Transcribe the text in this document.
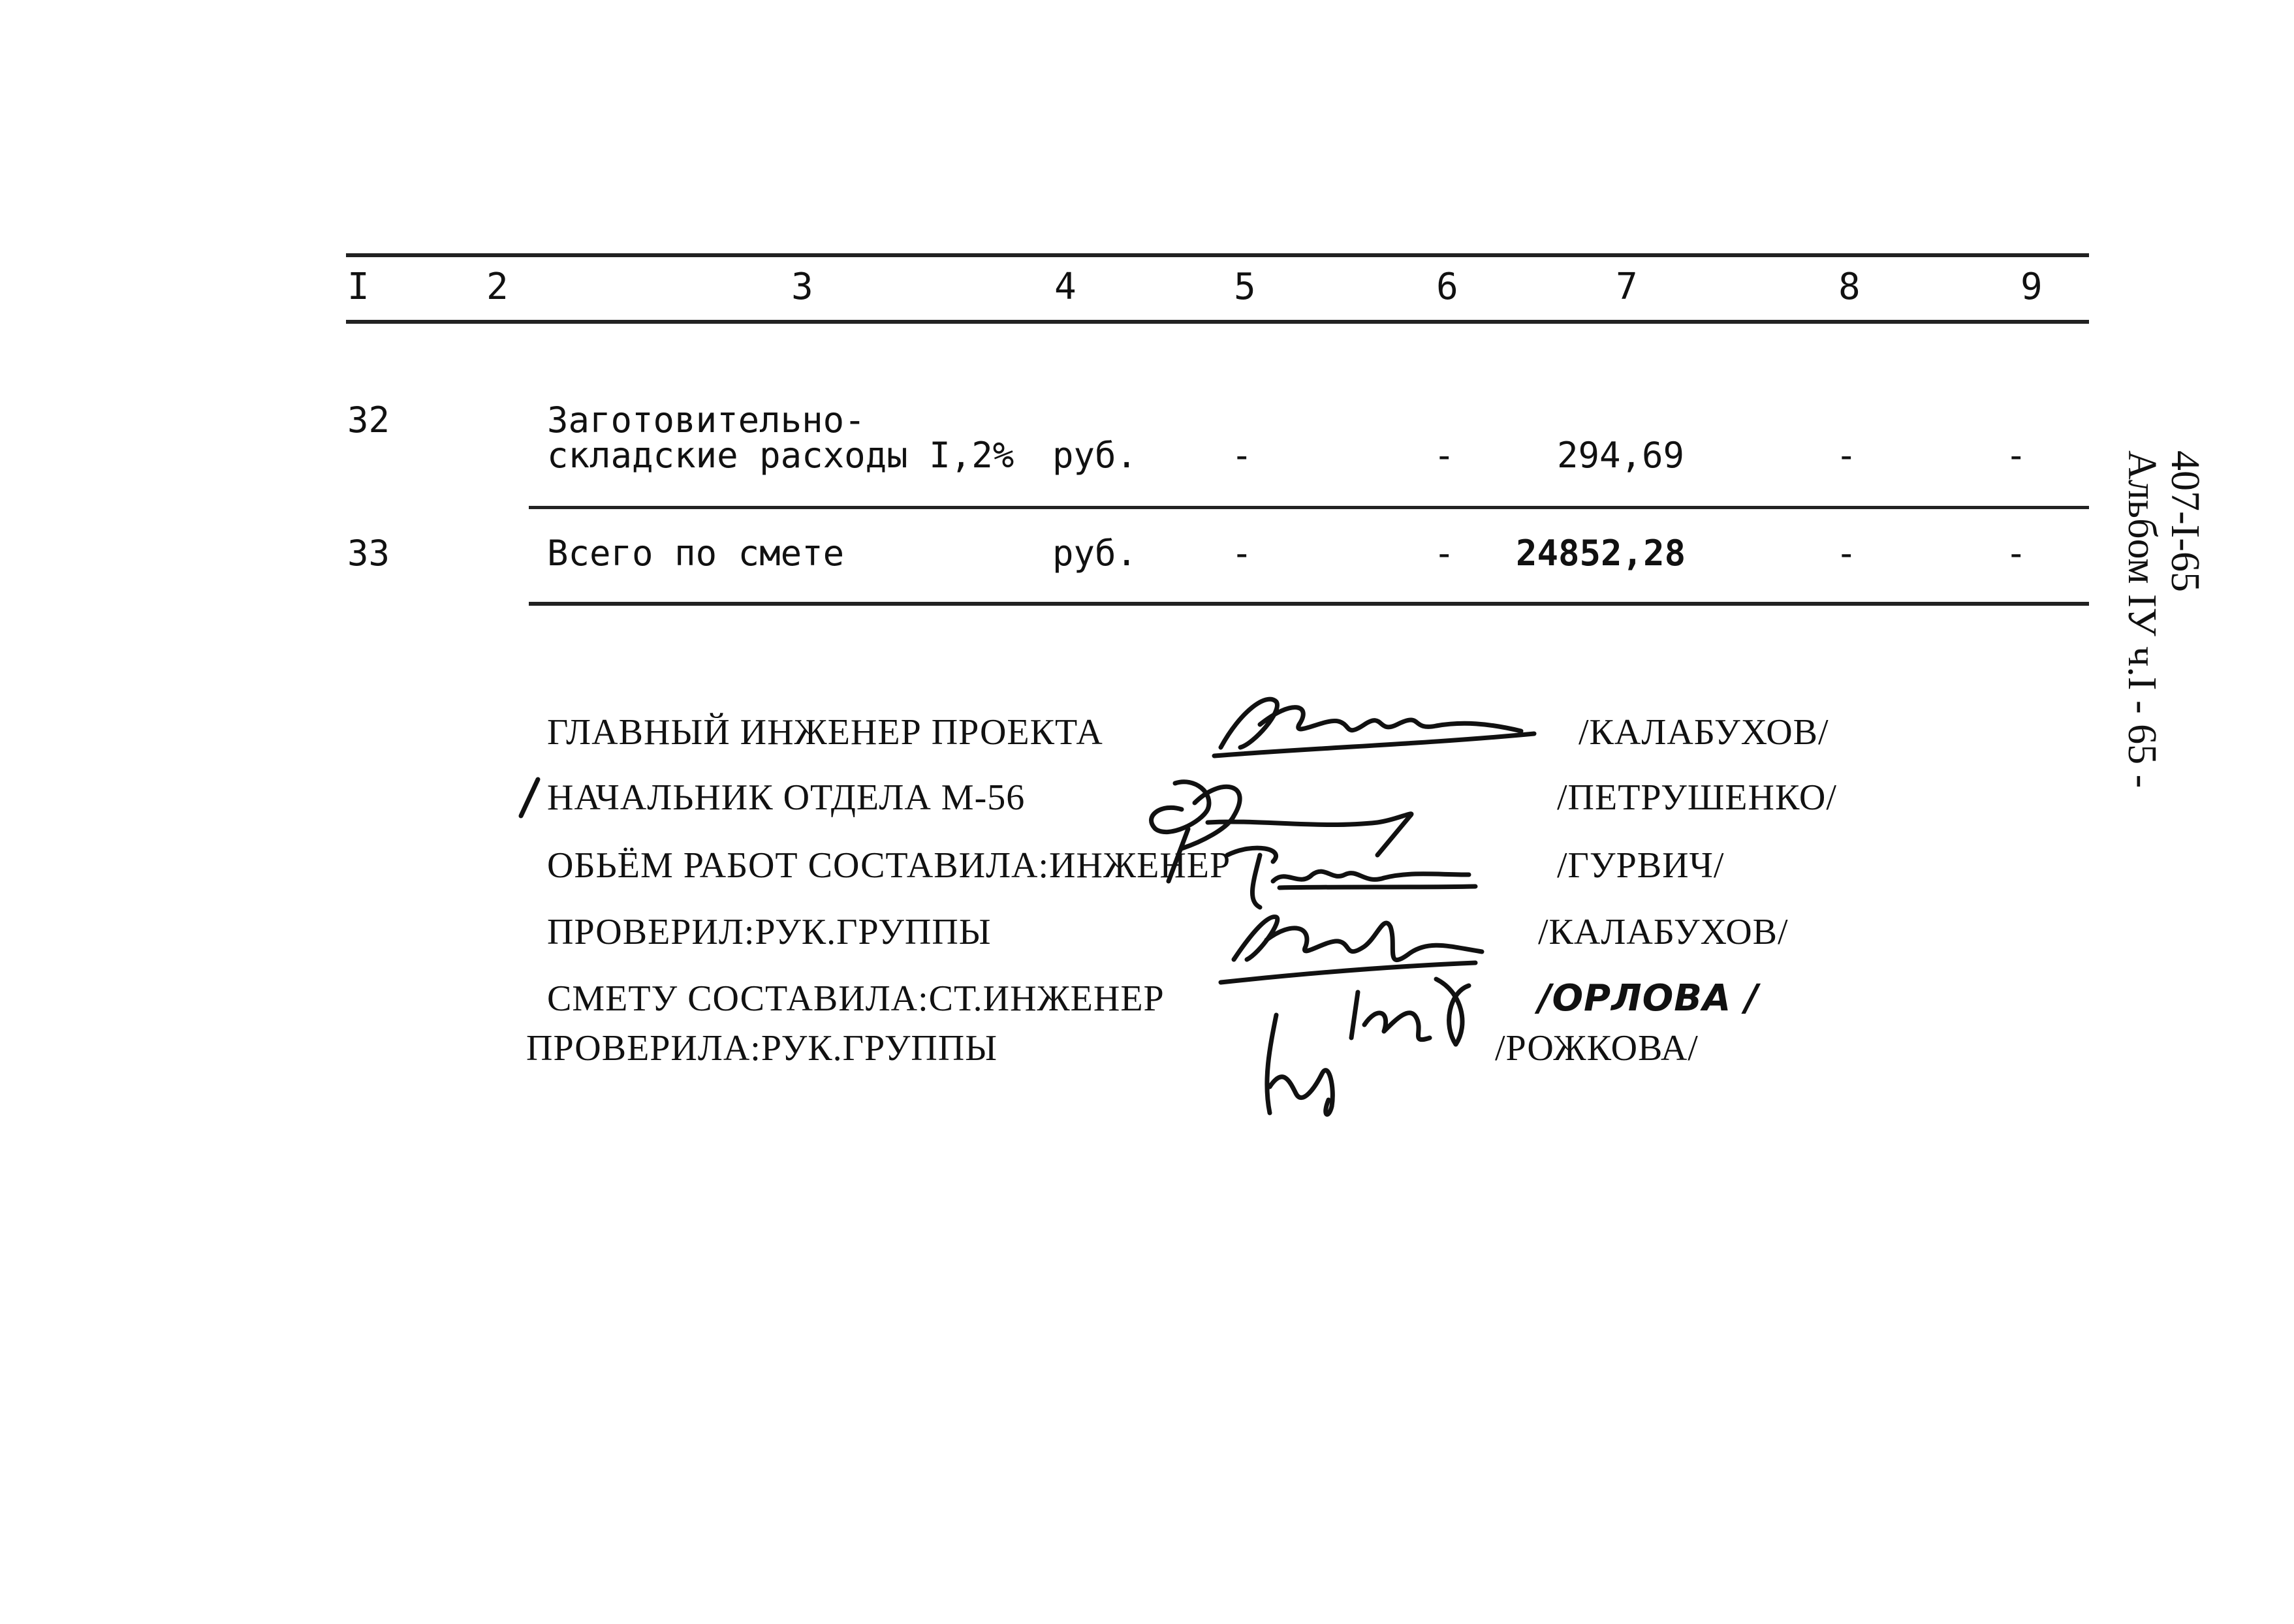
I	2	3	4	5	6	7	8	9
32	Заготовительно-
складские расходы I,2% руб.	-	-	294,69	-	-
33	Всего по смете	руб.	-	- 24852,28	-	-
ГЛАВНЫЙ ИНЖЕНЕР ПРОЕКТА
НАЧАЛЬНИК ОТДЕЛА М-56
ОБЬЁМ РАБОТ СОСТАВИЛА:ИНЖЕНЕР
ПРОВЕРИЛ:РУК.ГРУППЫ
СМЕТУ СОСТАВИЛА:СТ.ИНЖЕНЕР
ПРОВЕРИЛА:РУК.ГРУППЫ
/КАЛАБУХОВ/
/ПЕТРУШЕНКО/
/ГУРВИЧ/
/КАЛАБУХОВ/
/ОРЛОВА /
/РОЖКОВА/
407-I-65
Альбом IУ ч.I - 65 -
